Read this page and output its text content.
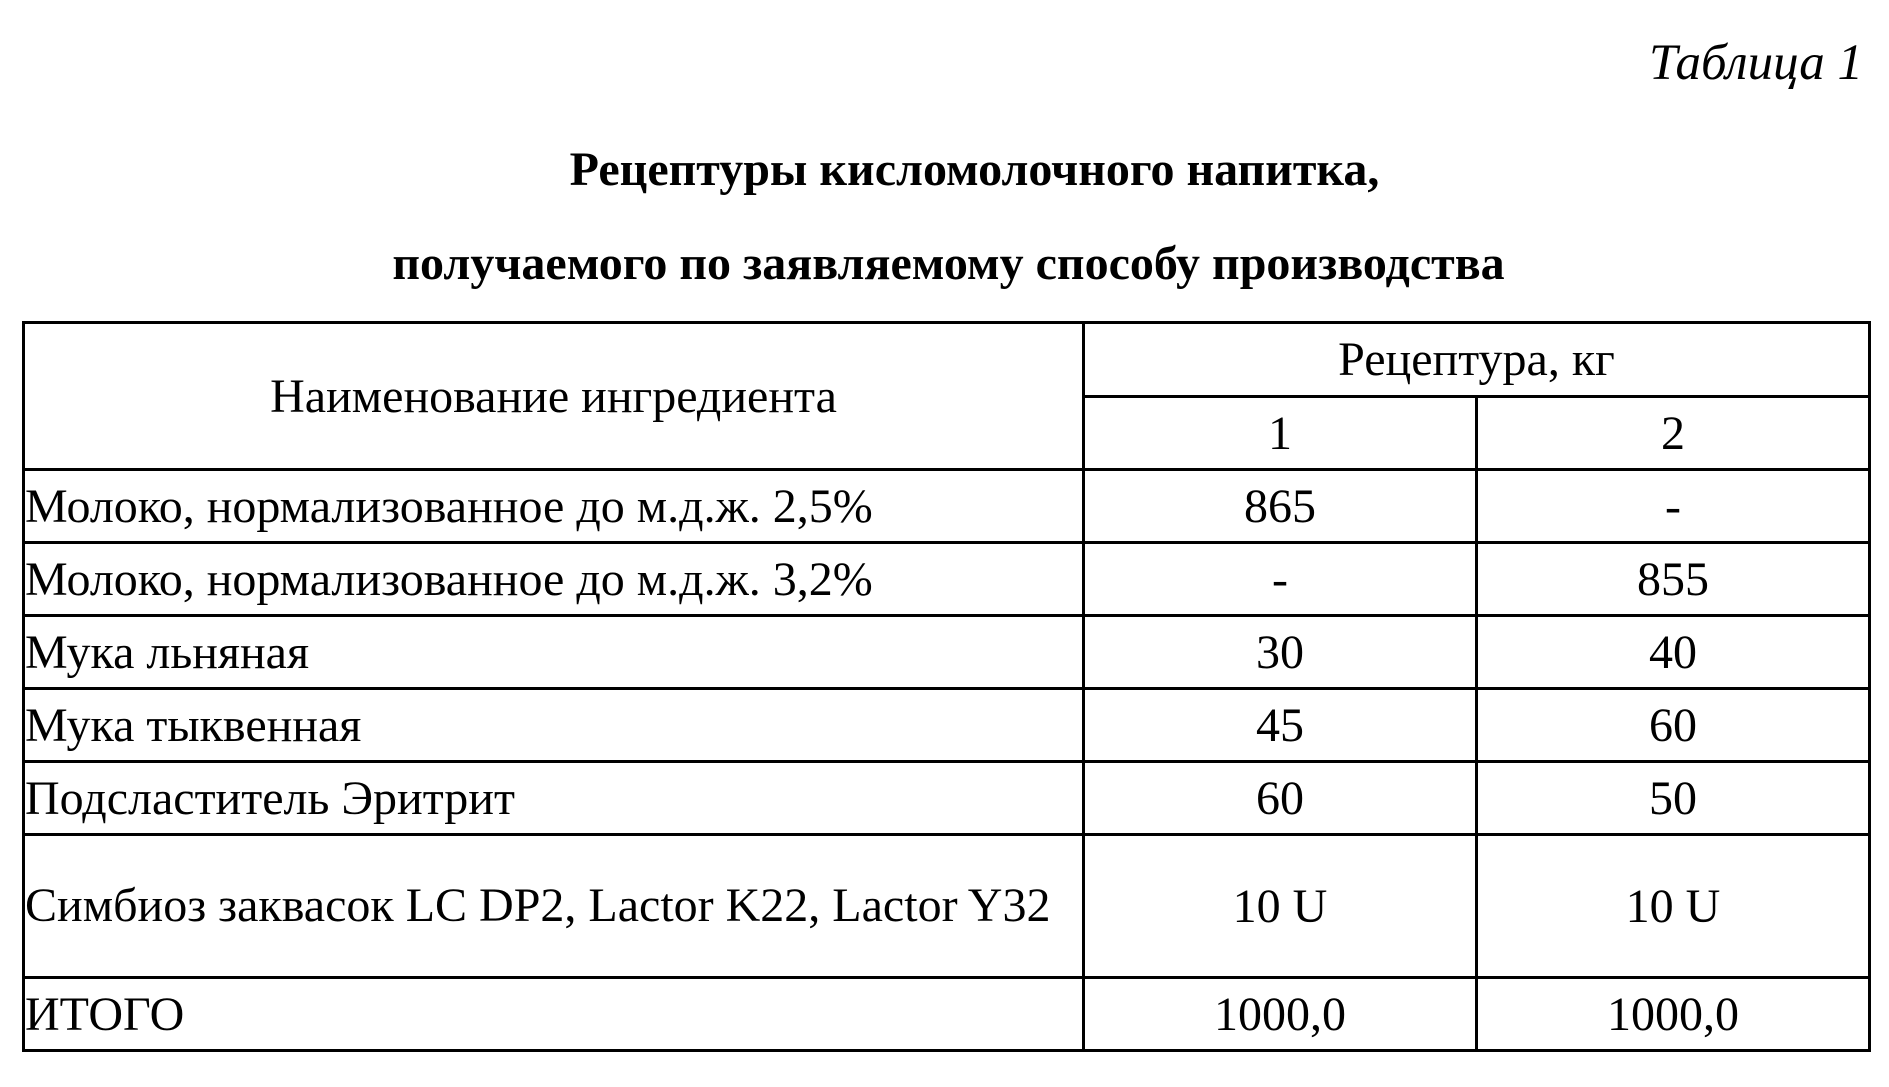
Таблица 1
Рецептуры кисломолочного напитка,
получаемого по заявляемому способу производства
Наименование ингредиента	Рецептура, кг	
	1	2
Молоко, нормализованное до м.д.ж. 2,5%	865	-
Молоко, нормализованное до м.д.ж. 3,2%	-	855
Мука льняная	30	40
Мука тыквенная	45	60
Подсластитель Эритрит	60	50
Симбиоз заквасок LC DP2, Lactor K22, Lactor Y32	10 U	10 U
ИТОГО	1000,0	1000,0
